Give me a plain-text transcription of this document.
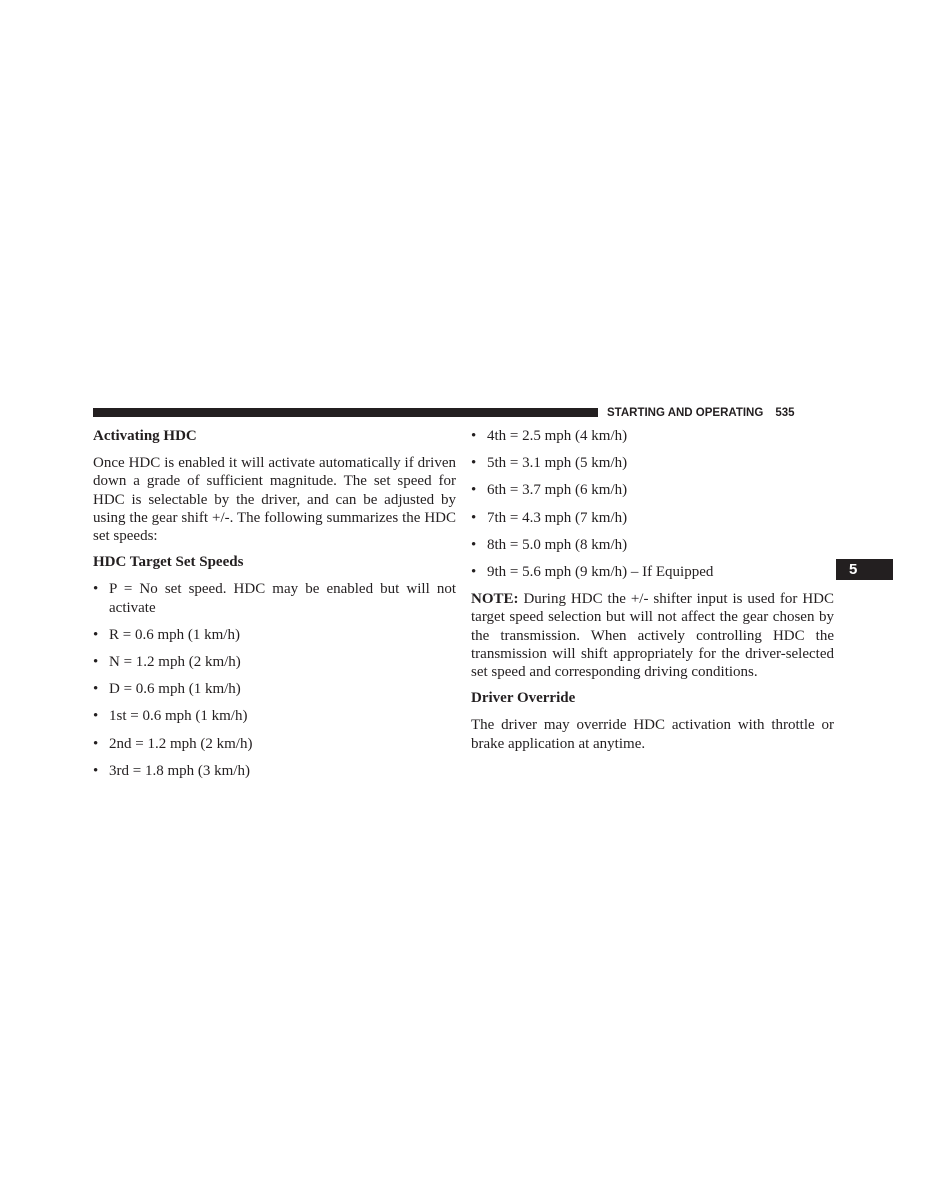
STARTING AND OPERATING 535
5
Activating HDC

Once HDC is enabled it will activate automatically if driven down a grade of sufficient magnitude. The set speed for HDC is selectable by the driver, and can be adjusted by using the gear shift +/-. The following summarizes the HDC set speeds:

HDC Target Set Speeds
• P = No set speed. HDC may be enabled but will not activate
• R = 0.6 mph (1 km/h)
• N = 1.2 mph (2 km/h)
• D = 0.6 mph (1 km/h)
• 1st = 0.6 mph (1 km/h)
• 2nd = 1.2 mph (2 km/h)
• 3rd = 1.8 mph (3 km/h)
• 4th = 2.5 mph (4 km/h)
• 5th = 3.1 mph (5 km/h)
• 6th = 3.7 mph (6 km/h)
• 7th = 4.3 mph (7 km/h)
• 8th = 5.0 mph (8 km/h)
• 9th = 5.6 mph (9 km/h) – If Equipped

NOTE: During HDC the +/- shifter input is used for HDC target speed selection but will not affect the gear chosen by the transmission. When actively controlling HDC the transmission will shift appropriately for the driver-selected set speed and corresponding driving conditions.

Driver Override

The driver may override HDC activation with throttle or brake application at anytime.
